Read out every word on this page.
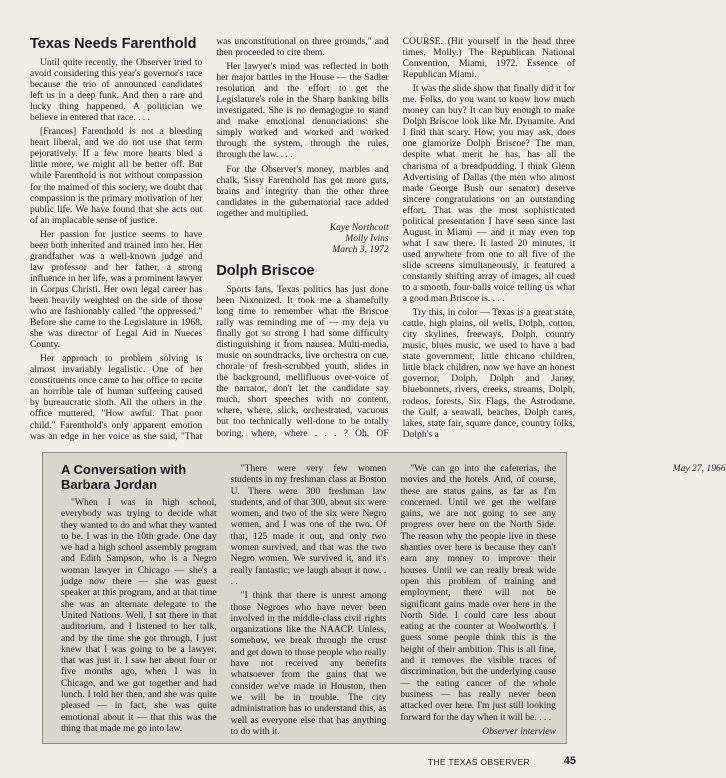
Texas Needs Farenthold

Until quite recently, the Observer tried to avoid considering this year's governor's race because the trio of announced candidates left us in a deep funk. And then a rare and lucky thing happened. A politician we believe in entered that race. . . .

[Frances] Farenthold is not a bleeding heart liberal, and we do not use that term pejoratively. If a few more hearts bled a little more, we might all be better off. But while Farenthold is not without compassion for the maimed of this society, we doubt that compassion is the primary motivation of her public life. We have found that she acts out of an implacable sense of justice.

Her passion for justice seems to have been both inherited and trained into her. Her grandfather was a well-known judge and law professor and her father, a strong influence in her life, was a prominent lawyer in Corpus Christi. Her own legal career has been heavily weighted on the side of those who are fashionably called "the oppressed." Before she came to the Legislature in 1968, she was director of Legal Aid in Nueces County.

Her approach to problem solving is almost invariably legalistic. One of her constituents once came to her office to recite an horrible tale of human suffering caused by bureaucratic sloth. All the others in the office muttered, "How awful. That poor child." Farenthold's only apparent emotion was an edge in her voice as she said, "That was unconstitutional on three grounds," and then proceeded to cite them.

Her lawyer's mind was reflected in both her major battles in the House — the Sadler resolution and the effort to get the Legislature's role in the Sharp banking bills investigated. She is no demagogue to stand and make emotional denunciations: she simply worked and worked and worked through the system, through the rules, through the law. . . .

For the Observer's money, marbles and chalk, Sissy Farenthold has got more guts, brains and integrity than the other three candidates in the gubernatorial race added together and multiplied.

Kaye Northcott
Molly Ivins
March 3, 1972
Dolph Briscoe

Sports fans, Texas politics has just done been Nixonized. It took me a shamefully long time to remember what the Briscoe rally was reminding me of — my deja vu finally got so strong I had some difficulty distinguishing it from nausea. Multi-media, music on soundtracks, live orchestra on cue, chorale of fresh-scrubbed youth, slides in the background, mellifluous over-voice of the narrator, don't let the candidate say much, short speeches with no content, where, where, slick, orchestrated, vacuous but too technically well-done to be totally boring, where, where . . . ? Oh, OF COURSE. (Hit yourself in the head three times, Molly.) The Republican National Convention, Miami, 1972. Essence of Republican Miami.

It was the slide show that finally did it for me. Folks, do you want to know how much money can buy? It can buy enough to make Dolph Briscoe look like Mr. Dynamite. And I find that scary. How, you may ask, does one glamorize Dolph Briscoe? The man, despite what merit he has, has all the charisma of a breadpudding. I think Glenn Advertising of Dallas (the men who almost made George Bush our senator) deserve sincere congratulations on an outstanding effort. That was the most sophisticated political presentation I have seen since last August in Miami — and it may even top what I saw there. It lasted 20 minutes, it used anywhere from one to all five of the slide screens simultaneously, it featured a constantly shifting array of images, all cued to a smooth, four-balls voice telling us what a good man Briscoe is. . . .

Try this, in color — Texas is a great state, cattle, high plains, oil wells, Dolph, cotton, city skylines, freeways, Dolph, country music, blues music, we used to have a bad state government, little chicano children, little black children, now we have an honest governor, Dolph, Dolph and Janey, bluebonnets, rivers, creeks, streams, Dolph, rodeos, forests, Six Flags, the Astrodome, the Gulf, a seawall, beaches, Dolph cares, lakes, state fair, square dance, country folks, Dolph's a

A Conversation with Barbara Jordan

"When I was in high school, everybody was trying to decide what they wanted to do and what they wanted to be. I was in the 10th grade. One day we had a high school assembly program and Edith Sampson, who is a Negro woman lawyer in Chicago — she's a judge now there — she was guest speaker at this program, and at that time she was an alternate delegate to the United Nations. Well, I sat there in that auditorium, and I listened to her talk, and by the time she got through, I just knew that I was going to be a lawyer, that was just it. I saw her about four or five months ago, when I was in Chicago, and we got together and had lunch. I told her then, and she was quite pleased — in fact, she was quite emotional about it — that this was the thing that made me go into law.

"There were very few women students in my freshman class at Boston U. There were 300 freshman law students, and of that 300, about six were women, and two of the six were Negro women, and I was one of the two. Of that, 125 made it out, and only two women survived, and that was the two Negro women. We survived it, and it's really fantastic; we laugh about it now. . . .

"I think that there is unrest among those Negroes who have never been involved in the middle-class civil rights organizations like the NAACP. Unless, somehow, we break through the crust and get down to those people who really have not received any benefits whatsoever from the gains that we consider we've made in Houston, then we will be in trouble. The city administration has to understand this, as well as everyone else that has anything to do with it.

"We can go into the cafeterias, the movies and the hotels. And, of course, these are status gains, as far as I'm concerned. Until we get the welfare gains, we are not going to see any progress over here on the North Side. The reason why the people live in these shanties over here is because they can't earn any money to improve their houses. Until we can really break wide open this problem of training and employment, there will not be significant gains made over here in the North Side. I could care less about eating at the counter at Woolworth's. I guess some people think this is the height of their ambition. This is all fine, and it removes the visible traces of discrimination, but the underlying cause — the eating cancer of the whole business — has really never been attacked over here. I'm just still looking forward for the day when it will be. . . .

Observer interview
May 27, 1966
THE TEXAS OBSERVER	45
